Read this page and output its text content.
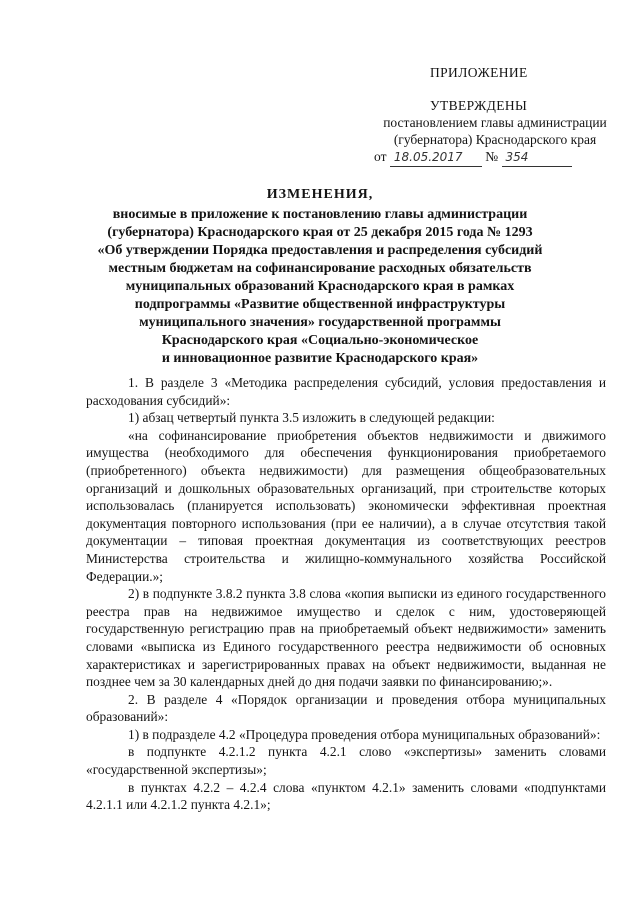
ПРИЛОЖЕНИЕ
УТВЕРЖДЕНЫ
постановлением главы администрации
(губернатора) Краснодарского края
от 18.05.2017 № 354
ИЗМЕНЕНИЯ,
вносимые в приложение к постановлению главы администрации
(губернатора) Краснодарского края от 25 декабря 2015 года № 1293
«Об утверждении Порядка предоставления и распределения субсидий
местным бюджетам на софинансирование расходных обязательств
муниципальных образований Краснодарского края в рамках
подпрограммы «Развитие общественной инфраструктуры
муниципального значения» государственной программы
Краснодарского края «Социально-экономическое
и инновационное развитие Краснодарского края»

1. В разделе 3 «Методика распределения субсидий, условия предоставления и расходования субсидий»:

1) абзац четвертый пункта 3.5 изложить в следующей редакции:

«на софинансирование приобретения объектов недвижимости и движимого имущества (необходимого для обеспечения функционирования приобретаемого (приобретенного) объекта недвижимости) для размещения общеобразовательных организаций и дошкольных образовательных организаций, при строительстве которых использовалась (планируется использовать) экономически эффективная проектная документация повторного использования (при ее наличии), а в случае отсутствия такой документации – типовая проектная документация из соответствующих реестров Министерства строительства и жилищно-коммунального хозяйства Российской Федерации.»;

2) в подпункте 3.8.2 пункта 3.8 слова «копия выписки из единого государственного реестра прав на недвижимое имущество и сделок с ним, удостоверяющей государственную регистрацию прав на приобретаемый объект недвижимости» заменить словами «выписка из Единого государственного реестра недвижимости об основных характеристиках и зарегистрированных правах на объект недвижимости, выданная не позднее чем за 30 календарных дней до дня подачи заявки по финансированию;».

2. В разделе 4 «Порядок организации и проведения отбора муниципальных образований»:

1) в подразделе 4.2 «Процедура проведения отбора муниципальных образований»:

в подпункте 4.2.1.2 пункта 4.2.1 слово «экспертизы» заменить словами «государственной экспертизы»;

в пунктах 4.2.2 – 4.2.4 слова «пунктом 4.2.1» заменить словами «подпунктами 4.2.1.1 или 4.2.1.2 пункта 4.2.1»;
